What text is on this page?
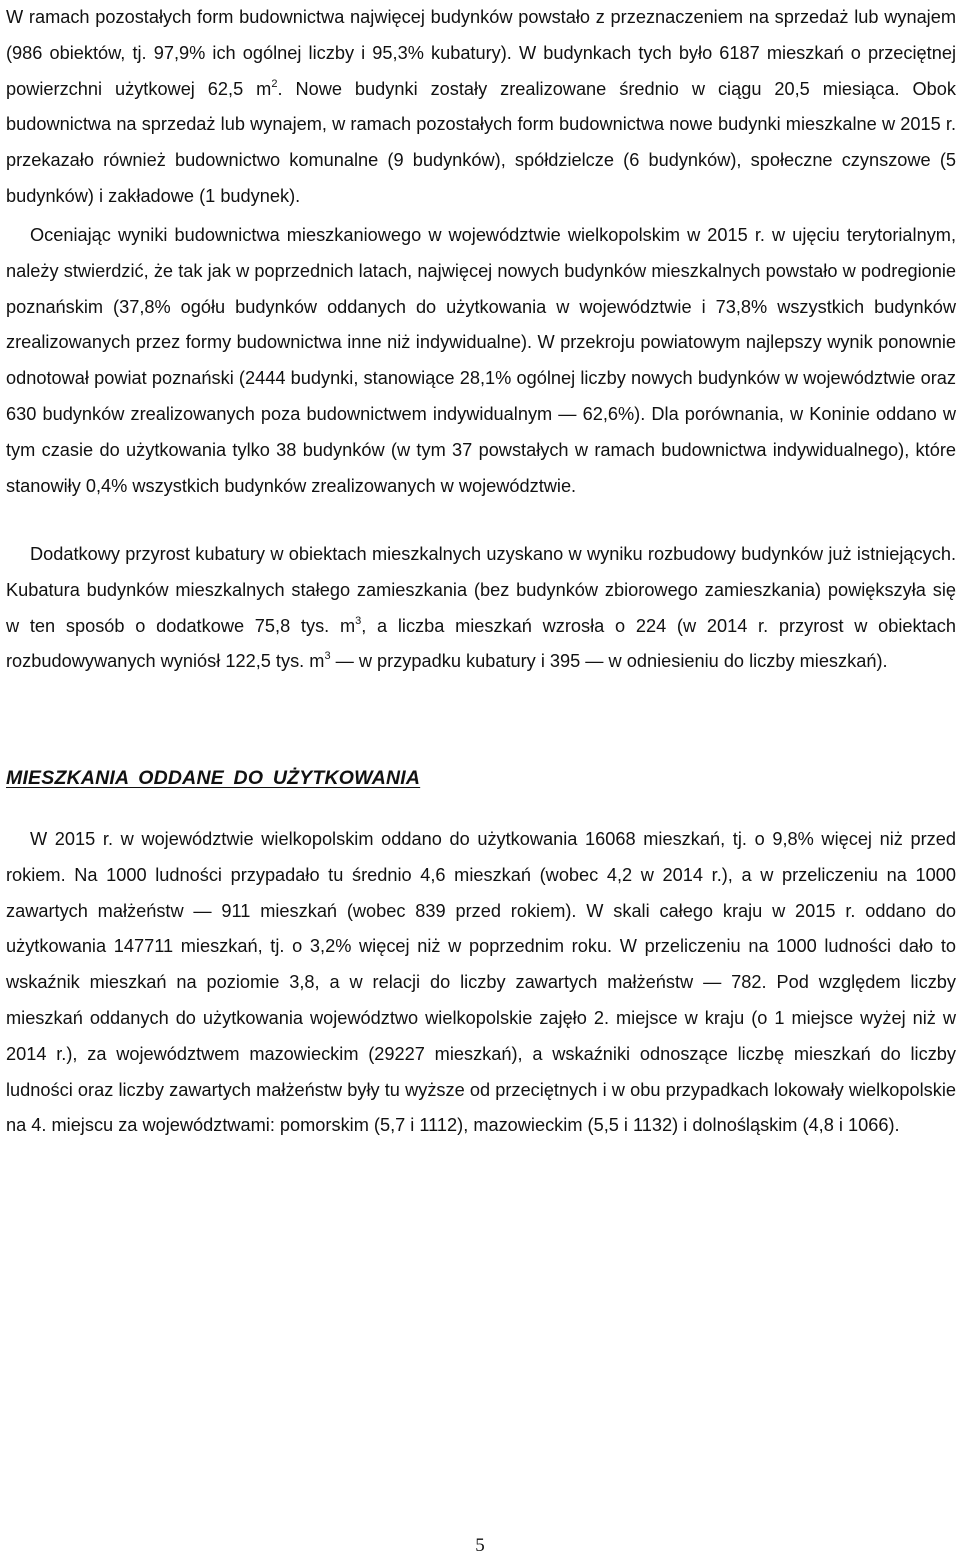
W ramach pozostałych form budownictwa najwięcej budynków powstało z przeznaczeniem na sprzedaż lub wynajem (986 obiektów, tj. 97,9% ich ogólnej liczby i 95,3% kubatury). W budynkach tych było 6187 mieszkań o przeciętnej powierzchni użytkowej 62,5 $m^2$. Nowe budynki zostały zrealizowane średnio w ciągu 20,5 miesiąca. Obok budownictwa na sprzedaż lub wynajem, w ramach pozostałych form budownictwa nowe budynki mieszkalne w 2015 r. przekazało również budownictwo komunalne (9 budynków), spółdzielcze (6 budynków), społeczne czynszowe (5 budynków) i zakładowe (1 budynek).

Oceniając wyniki budownictwa mieszkaniowego w województwie wielkopolskim w 2015 r. w ujęciu terytorialnym, należy stwierdzić, że tak jak w poprzednich latach, najwięcej nowych budynków mieszkalnych powstało w podregionie poznańskim (37,8% ogółu budynków oddanych do użytkowania w województwie i 73,8% wszystkich budynków zrealizowanych przez formy budownictwa inne niż indywidualne). W przekroju powiatowym najlepszy wynik ponownie odnotował powiat poznański (2444 budynki, stanowiące 28,1% ogólnej liczby nowych budynków w województwie oraz 630 budynków zrealizowanych poza budownictwem indywidualnym — 62,6%). Dla porównania, w Koninie oddano w tym czasie do użytkowania tylko 38 budynków (w tym 37 powstałych w ramach budownictwa indywidualnego), które stanowiły 0,4% wszystkich budynków zrealizowanych w województwie.

Dodatkowy przyrost kubatury w obiektach mieszkalnych uzyskano w wyniku rozbudowy budynków już istniejących. Kubatura budynków mieszkalnych stałego zamieszkania (bez budynków zbiorowego zamieszkania) powiększyła się w ten sposób o dodatkowe 75,8 tys. $m^3$, a liczba mieszkań wzrosła o 224 (w 2014 r. przyrost w obiektach rozbudowywanych wyniósł 122,5 tys. $m^3$ — w przypadku kubatury i 395 — w odniesieniu do liczby mieszkań).

MIESZKANIA ODDANE DO UŻYTKOWANIA

W 2015 r. w województwie wielkopolskim oddano do użytkowania 16068 mieszkań, tj. o 9,8% więcej niż przed rokiem. Na 1000 ludności przypadało tu średnio 4,6 mieszkań (wobec 4,2 w 2014 r.), a w przeliczeniu na 1000 zawartych małżeństw — 911 mieszkań (wobec 839 przed rokiem). W skali całego kraju w 2015 r. oddano do użytkowania 147711 mieszkań, tj. o 3,2% więcej niż w poprzednim roku. W przeliczeniu na 1000 ludności dało to wskaźnik mieszkań na poziomie 3,8, a w relacji do liczby zawartych małżeństw — 782. Pod względem liczby mieszkań oddanych do użytkowania województwo wielkopolskie zajęło 2. miejsce w kraju (o 1 miejsce wyżej niż w 2014 r.), za województwem mazowieckim (29227 mieszkań), a wskaźniki odnoszące liczbę mieszkań do liczby ludności oraz liczby zawartych małżeństw były tu wyższe od przeciętnych i w obu przypadkach lokowały wielkopolskie na 4. miejscu za województwami: pomorskim (5,7 i 1112), mazowieckim (5,5 i 1132) i dolnośląskim (4,8 i 1066).

5
